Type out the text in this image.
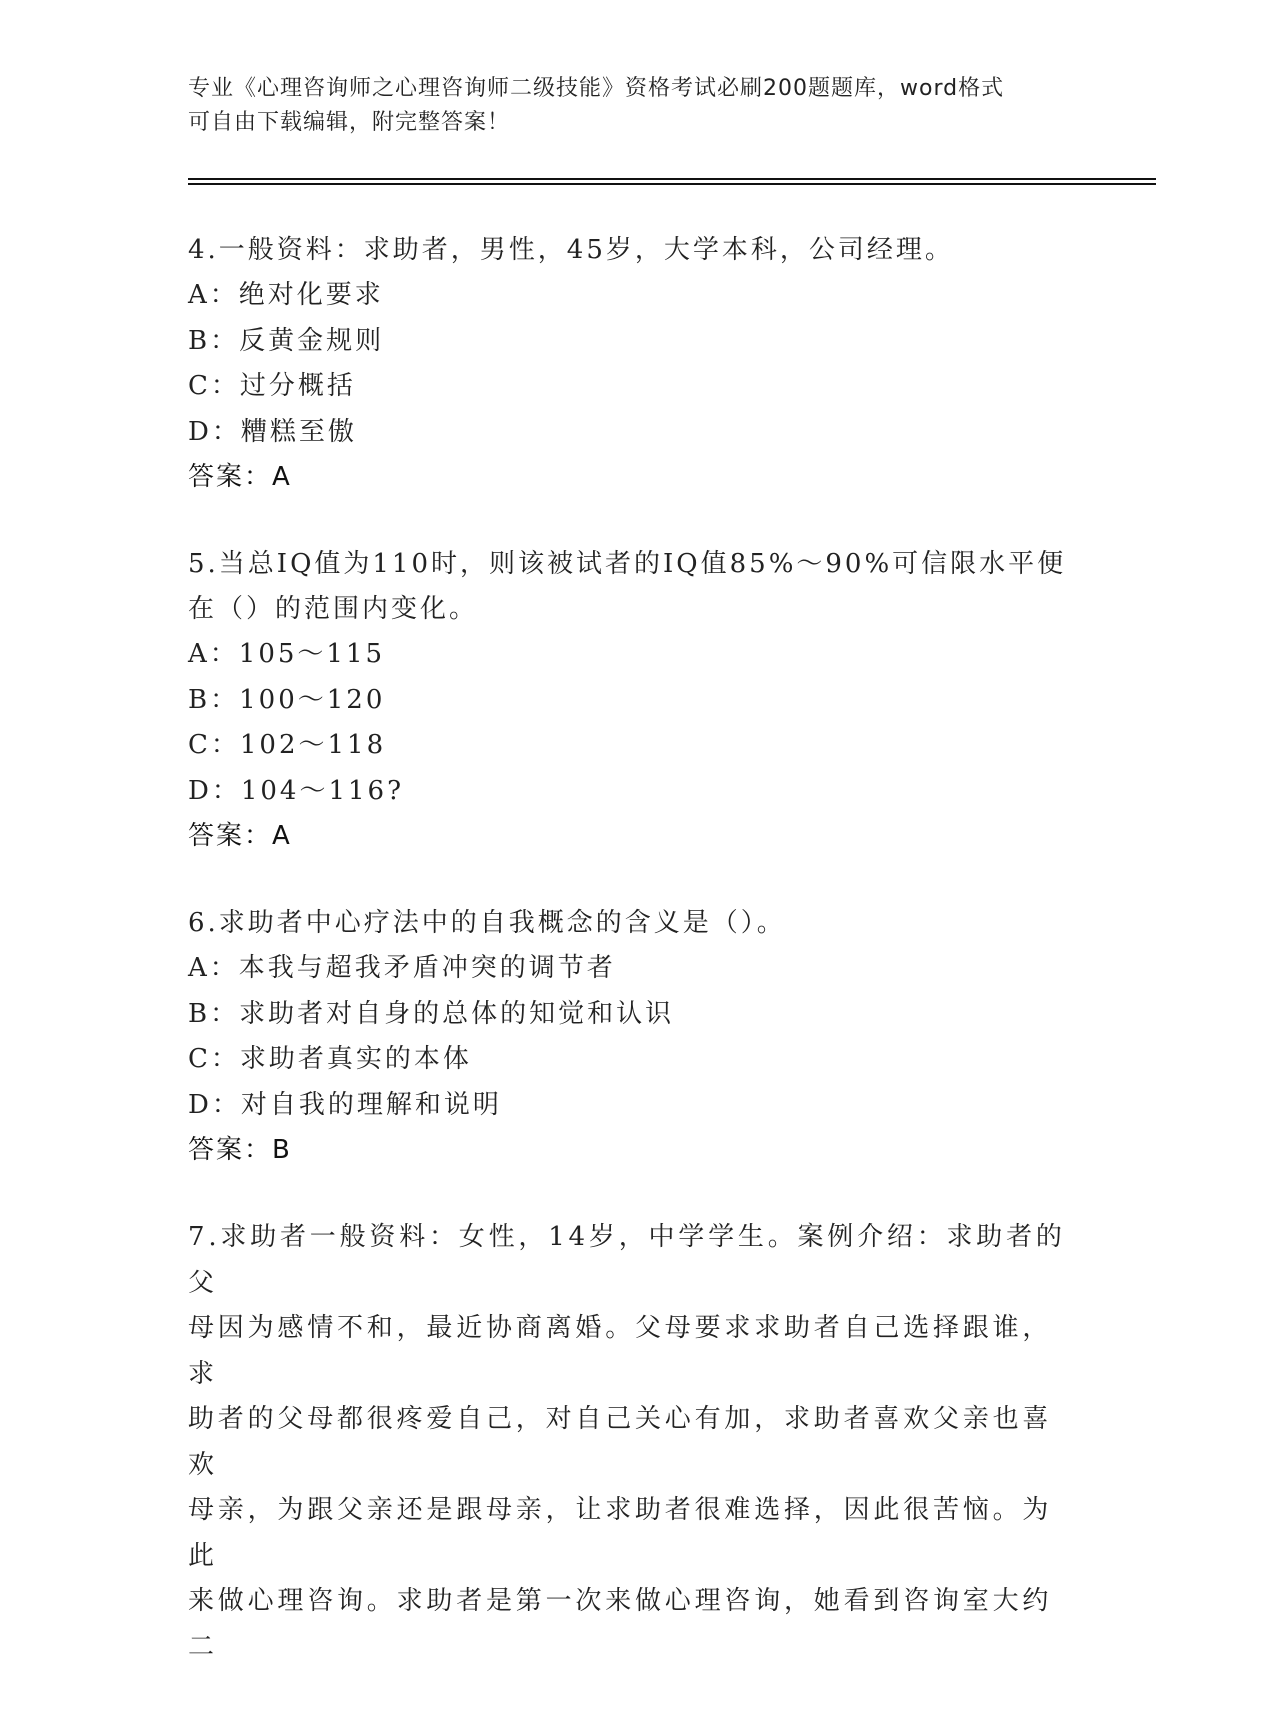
专业《心理咨询师之心理咨询师二级技能》资格考试必刷200题题库，word格式
可自由下载编辑，附完整答案！

4.一般资料：求助者，男性，45岁，大学本科，公司经理。

A：绝对化要求

B：反黄金规则

C：过分概括

D：糟糕至傲

答案：A

5.当总IQ值为110时，则该被试者的IQ值85%～90%可信限水平便

在（）的范围内变化。

A：105～115

B：100～120

C：102～118

D：104～116?

答案：A

6.求助者中心疗法中的自我概念的含义是（）。

A：本我与超我矛盾冲突的调节者

B：求助者对自身的总体的知觉和认识

C：求助者真实的本体

D：对自我的理解和说明

答案：B

7.求助者一般资料：女性，14岁，中学学生。案例介绍：求助者的父

母因为感情不和，最近协商离婚。父母要求求助者自己选择跟谁，求

助者的父母都很疼爱自己，对自己关心有加，求助者喜欢父亲也喜欢

母亲，为跟父亲还是跟母亲，让求助者很难选择，因此很苦恼。为此

来做心理咨询。求助者是第一次来做心理咨询，她看到咨询室大约二
